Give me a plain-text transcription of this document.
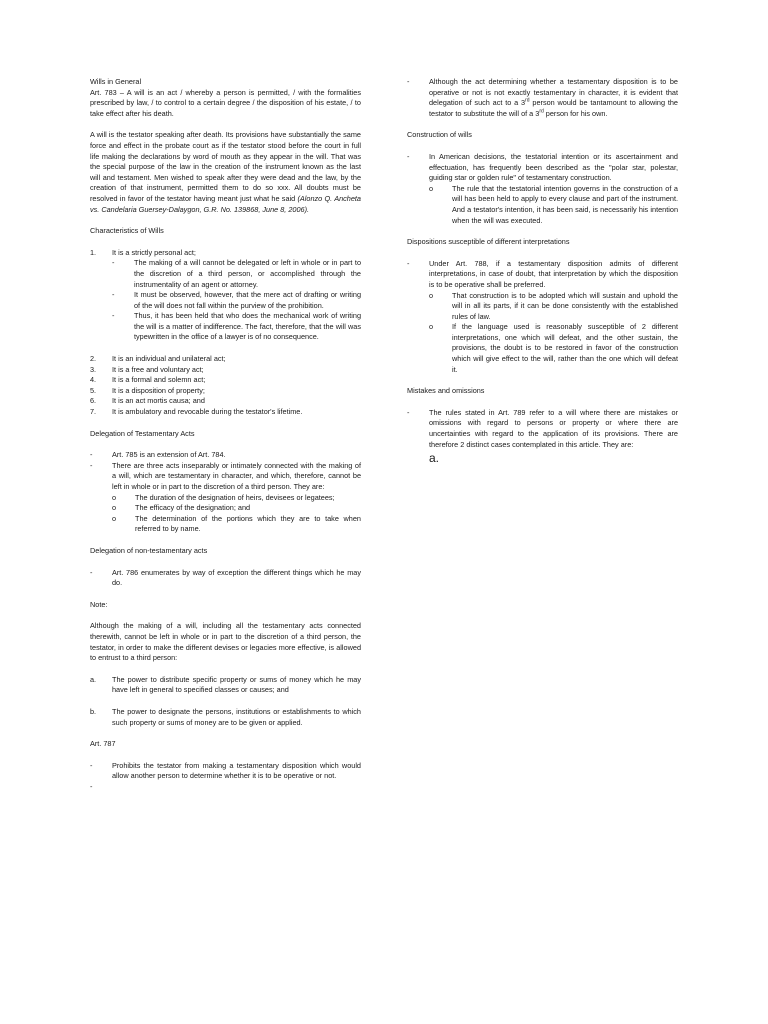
Wills in General

Art. 783 – A will is an act / whereby a person is permitted, / with the formalities prescribed by law, / to control to a certain degree / the disposition of his estate, / to take effect after his death.

A will is the testator speaking after death. Its provisions have substantially the same force and effect in the probate court as if the testator stood before the court in full life making the declarations by word of mouth as they appear in the will. That was the special purpose of the law in the creation of the instrument known as the last will and testament. Men wished to speak after they were dead and the law, by the creation of that instrument, permitted them to do so xxx. All doubts must be resolved in favor of the testator having meant just what he said (Alonzo Q. Ancheta vs. Candelaria Guersey-Dalaygon, G.R. No. 139868, June 8, 2006).

Characteristics of Wills

1.	It is a strictly personal act;
-	The making of a will cannot be delegated or left in whole or in part to the discretion of a third person, or accomplished through the instrumentality of an agent or attorney.
-	It must be observed, however, that the mere act of drafting or writing of the will does not fall within the purview of the prohibition.
-	Thus, it has been held that who does the mechanical work of writing the will is a matter of indifference. The fact, therefore, that the will was typewritten in the office of a lawyer is of no consequence.
2.	It is an individual and unilateral act;
3.	It is a free and voluntary act;
4.	It is a formal and solemn act;
5.	It is a disposition of property;
6.	It is an act mortis causa; and
7.	It is ambulatory and revocable during the testator's lifetime.

Delegation of Testamentary Acts

-	Art. 785 is an extension of Art. 784.
-	There are three acts inseparably or intimately connected with the making of a will, which are testamentary in character, and which, therefore, cannot be left in whole or in part to the discretion of a third person. They are:
o	The duration of the designation of heirs, devisees or legatees;
o	The efficacy of the designation; and
o	The determination of the portions which they are to take when referred to by name.

Delegation of non-testamentary acts

-	Art. 786 enumerates by way of exception the different things which he may do.

Note:

Although the making of a will, including all the testamentary acts connected therewith, cannot be left in whole or in part to the discretion of a third person, the testator, in order to make the different devises or legacies more effective, is allowed to entrust to a third person:

a.	The power to distribute specific property or sums of money which he may have left in general to specified classes or causes; and
b.	The power to designate the persons, institutions or establishments to which such property or sums of money are to be given or applied.

Art. 787

-	Prohibits the testator from making a testamentary disposition which would allow another person to determine whether it is to be operative or not.
-
-	Although the act determining whether a testamentary disposition is to be operative or not is not exactly testamentary in character, it is evident that delegation of such act to a 3rd person would be tantamount to allowing the testator to substitute the will of a 3rd person for his own.

Construction of wills

-	In American decisions, the testatorial intention or its ascertainment and effectuation, has frequently been described as the "polar star, polestar, guiding star or golden rule" of testamentary construction.
o	The rule that the testatorial intention governs in the construction of a will has been held to apply to every clause and part of the instrument. And a testator's intention, it has been said, is necessarily his intention when the will was executed.

Dispositions susceptible of different interpretations

-	Under Art. 788, if a testamentary disposition admits of different interpretations, in case of doubt, that interpretation by which the disposition is to be operative shall be preferred.
o	That construction is to be adopted which will sustain and uphold the will in all its parts, if it can be done consistently with the established rules of law.
o	If the language used is reasonably susceptible of 2 different interpretations, one which will defeat, and the other sustain, the provisions, the doubt is to be restored in favor of the construction which will give effect to the will, rather than the one which will defeat it.

Mistakes and omissions

-	The rules stated in Art. 789 refer to a will where there are mistakes or omissions with regard to persons or property or where there are uncertainties with regard to the application of its provisions. There are therefore 2 distinct cases contemplated in this article. They are:
a.
